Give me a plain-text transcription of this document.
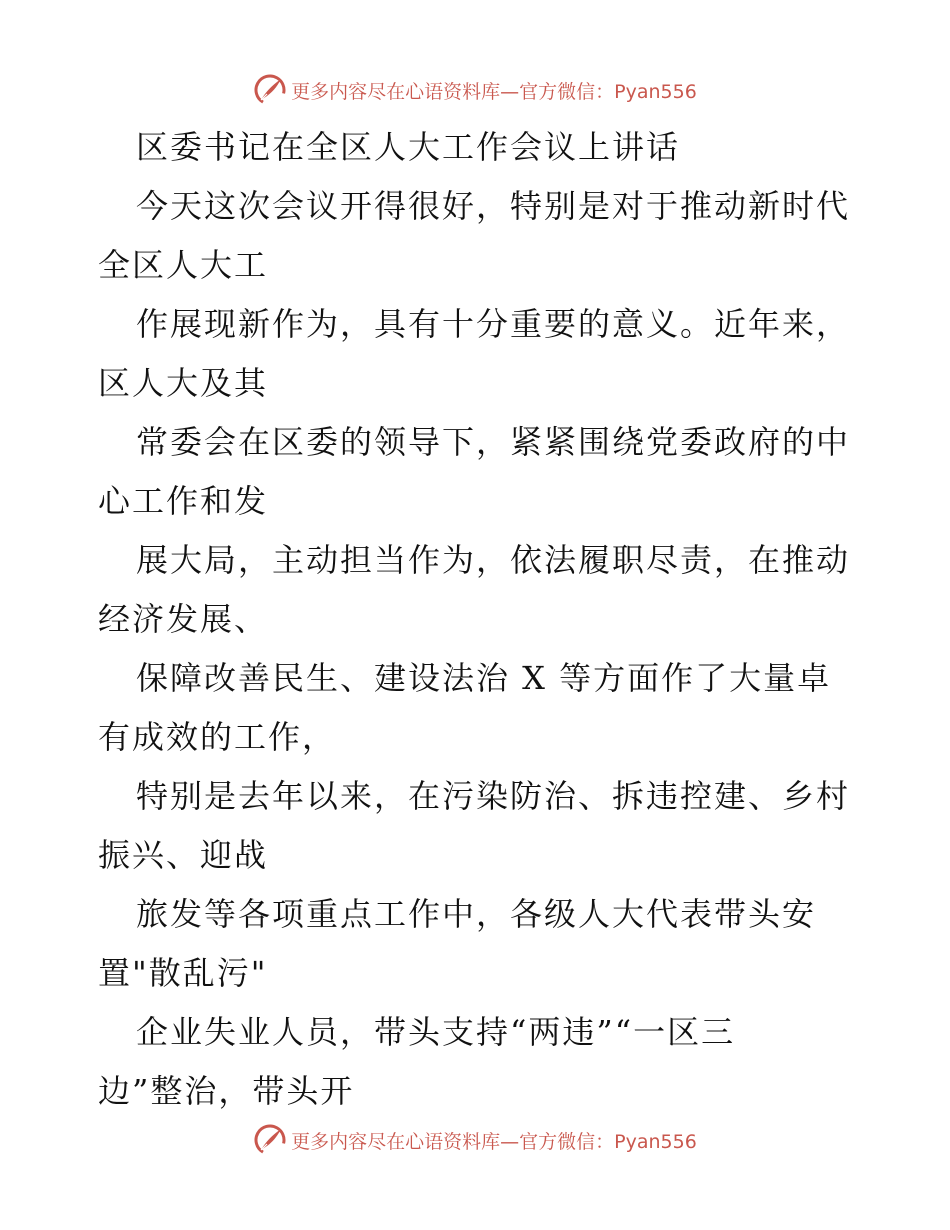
更多内容尽在心语资料库—官方微信：Pyan556
区委书记在全区人大工作会议上讲话
今天这次会议开得很好，特别是对于推动新时代
全区人大工
作展现新作为，具有十分重要的意义。近年来，
区人大及其
常委会在区委的领导下，紧紧围绕党委政府的中
心工作和发
展大局，主动担当作为，依法履职尽责，在推动
经济发展、
保障改善民生、建设法治 X 等方面作了大量卓
有成效的工作，
特别是去年以来，在污染防治、拆违控建、乡村
振兴、迎战
旅发等各项重点工作中，各级人大代表带头安
置"散乱污"
企业失业人员，带头支持“两违”“一区三
边”整治，带头开
更多内容尽在心语资料库—官方微信：Pyan556
